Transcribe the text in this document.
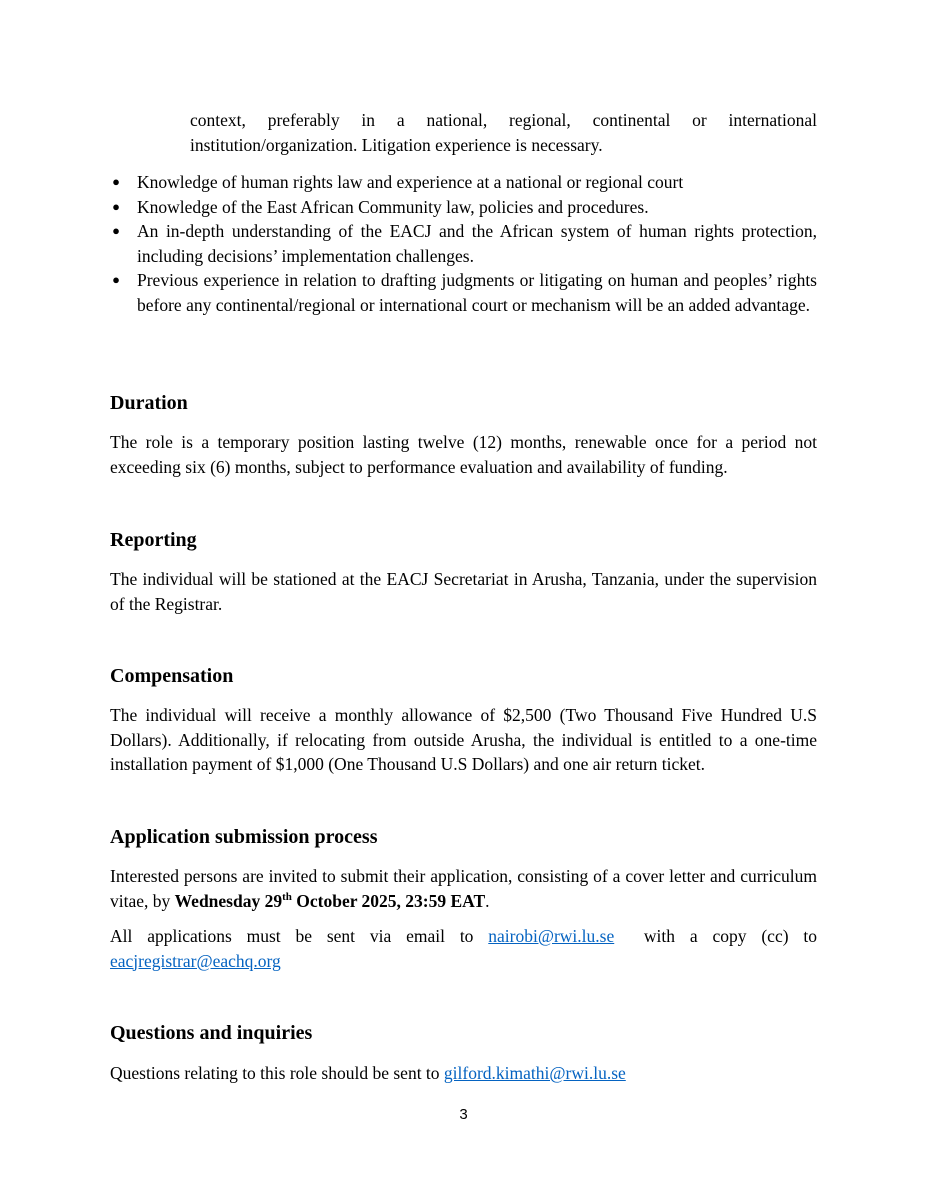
context, preferably in a national, regional, continental or international institution/organization. Litigation experience is necessary.
● Knowledge of human rights law and experience at a national or regional court
● Knowledge of the East African Community law, policies and procedures.
● An in-depth understanding of the EACJ and the African system of human rights protection, including decisions’ implementation challenges.
● Previous experience in relation to drafting judgments or litigating on human and peoples’ rights before any continental/regional or international court or mechanism will be an added advantage.
Duration
The role is a temporary position lasting twelve (12) months, renewable once for a period not exceeding six (6) months, subject to performance evaluation and availability of funding.
Reporting
The individual will be stationed at the EACJ Secretariat in Arusha, Tanzania, under the supervision of the Registrar.
Compensation
The individual will receive a monthly allowance of $2,500 (Two Thousand Five Hundred U.S Dollars). Additionally, if relocating from outside Arusha, the individual is entitled to a one-time installation payment of $1,000 (One Thousand U.S Dollars) and one air return ticket.
Application submission process
Interested persons are invited to submit their application, consisting of a cover letter and curriculum vitae, by Wednesday 29th October 2025, 23:59 EAT.
All applications must be sent via email to nairobi@rwi.lu.se  with a copy (cc) to eacjregistrar@eachq.org
Questions and inquiries
Questions relating to this role should be sent to gilford.kimathi@rwi.lu.se
3
